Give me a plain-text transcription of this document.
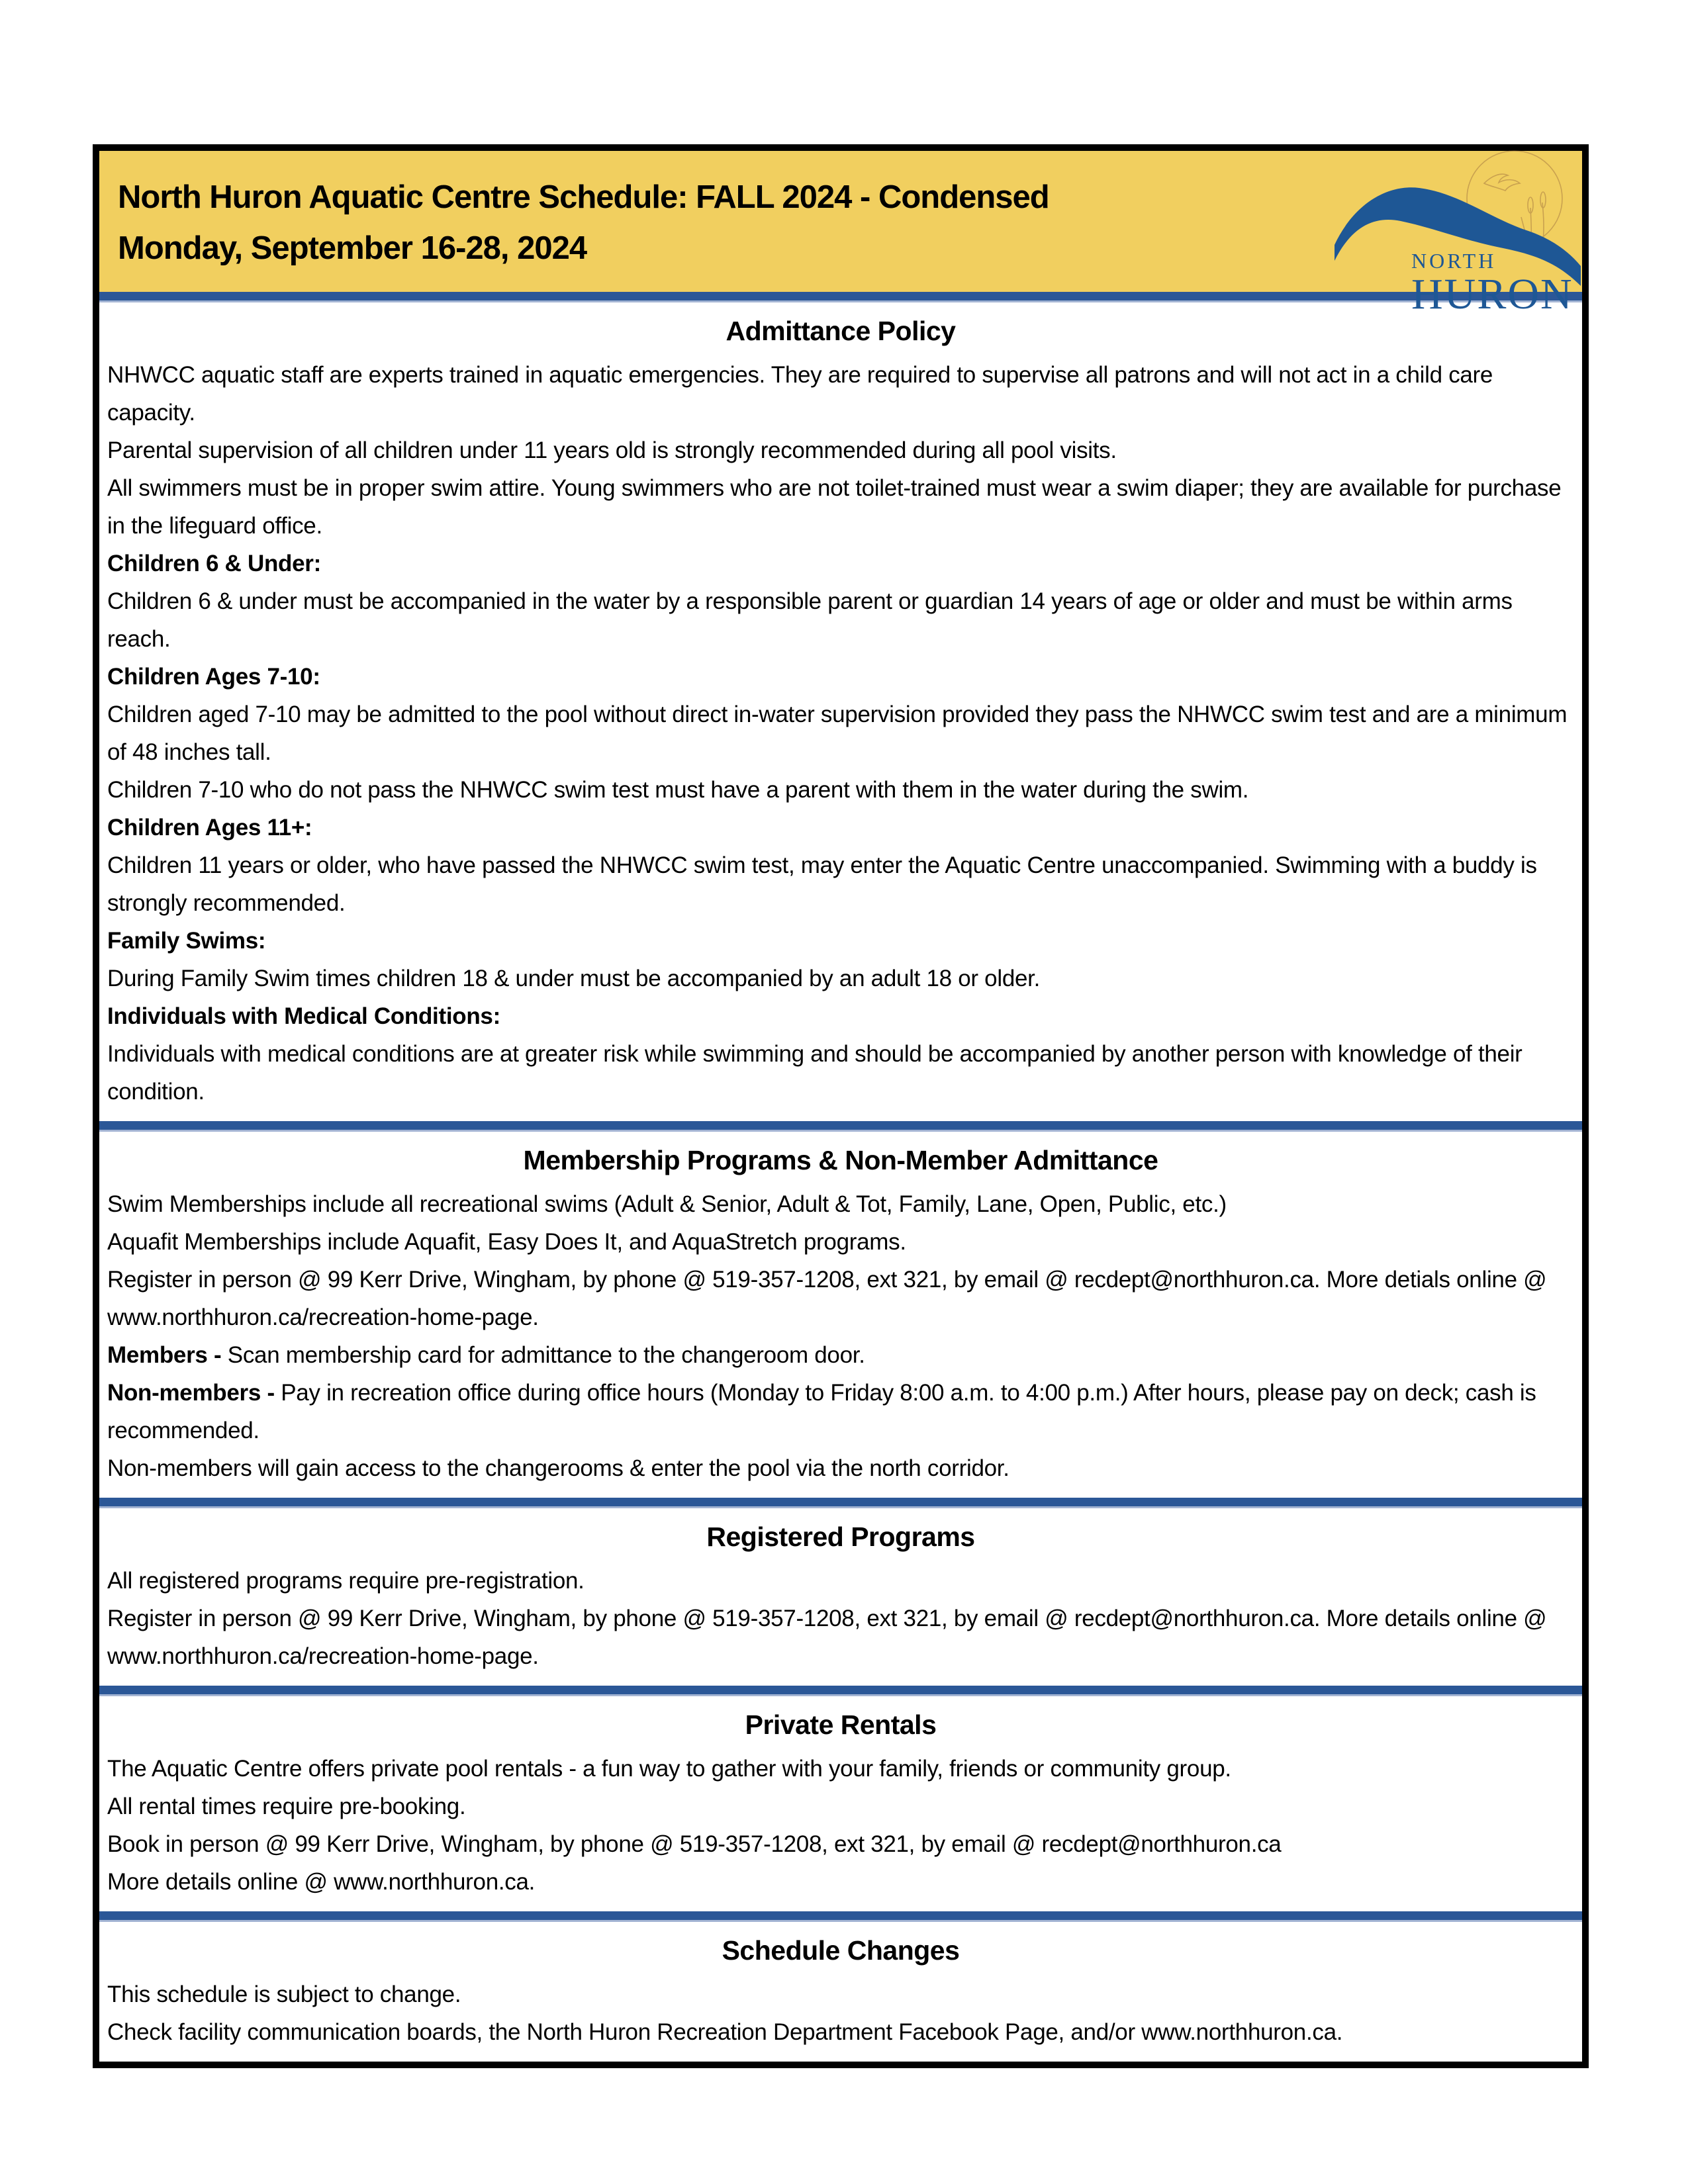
North Huron Aquatic Centre Schedule: FALL 2024 - Condensed
Monday, September 16-28, 2024	NORTH
HURON
Admittance Policy

NHWCC aquatic staff are experts trained in aquatic emergencies. They are required to supervise all patrons and will not act in a child care capacity.

Parental supervision of all children under 11 years old is strongly recommended during all pool visits.

All swimmers must be in proper swim attire. Young swimmers who are not toilet-trained must wear a swim diaper; they are available for purchase in the lifeguard office.

Children 6 & Under:

Children 6 & under must be accompanied in the water by a responsible parent or guardian 14 years of age or older and must be within arms reach.

Children Ages 7-10:

Children aged 7-10 may be admitted to the pool without direct in-water supervision provided they pass the NHWCC swim test and are a minimum of 48 inches tall.

Children 7-10 who do not pass the NHWCC swim test must have a parent with them in the water during the swim.

Children Ages 11+:

Children 11 years or older, who have passed the NHWCC swim test, may enter the Aquatic Centre unaccompanied. Swimming with a buddy is strongly recommended.

Family Swims:

During Family Swim times children 18 & under must be accompanied by an adult 18 or older.

Individuals with Medical Conditions:

Individuals with medical conditions are at greater risk while swimming and should be accompanied by another person with knowledge of their condition.

Membership Programs & Non-Member Admittance

Swim Memberships include all recreational swims (Adult & Senior, Adult & Tot, Family, Lane, Open, Public, etc.)

Aquafit Memberships include Aquafit, Easy Does It, and AquaStretch programs.

Register in person @ 99 Kerr Drive, Wingham, by phone @ 519-357-1208, ext 321, by email @ recdept@northhuron.ca. More detials online @ www.northhuron.ca/recreation-home-page.

Members - Scan membership card for admittance to the changeroom door.

Non-members - Pay in recreation office during office hours (Monday to Friday 8:00 a.m. to 4:00 p.m.) After hours, please pay on deck; cash is recommended.

Non-members will gain access to the changerooms & enter the pool via the north corridor.

Registered Programs

All registered programs require pre-registration.

Register in person @ 99 Kerr Drive, Wingham, by phone @ 519-357-1208, ext 321, by email @ recdept@northhuron.ca. More details online @ www.northhuron.ca/recreation-home-page.

Private Rentals

The Aquatic Centre offers private pool rentals - a fun way to gather with your family, friends or community group.

All rental times require pre-booking.

Book in person @ 99 Kerr Drive, Wingham, by phone @ 519-357-1208, ext 321, by email @ recdept@northhuron.ca

More details online @ www.northhuron.ca.

Schedule Changes

This schedule is subject to change.

Check facility communication boards, the North Huron Recreation Department Facebook Page, and/or www.northhuron.ca.
